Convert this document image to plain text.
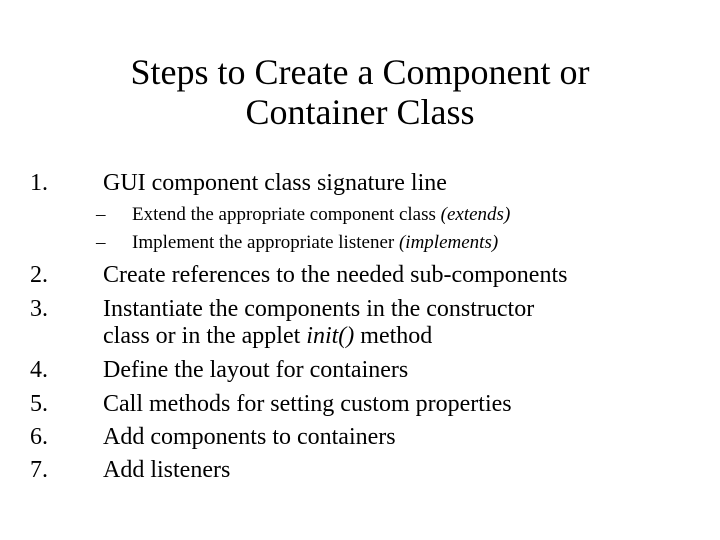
Steps to Create a Component or
Container Class
1. GUI component class signature line
– Extend the appropriate component class (extends)
– Implement the appropriate listener (implements)
2. Create references to the needed sub-components
3. Instantiate the components in the constructor
class or in the applet init() method
4. Define the layout for containers
5. Call methods for setting custom properties
6. Add components to containers
7. Add listeners
